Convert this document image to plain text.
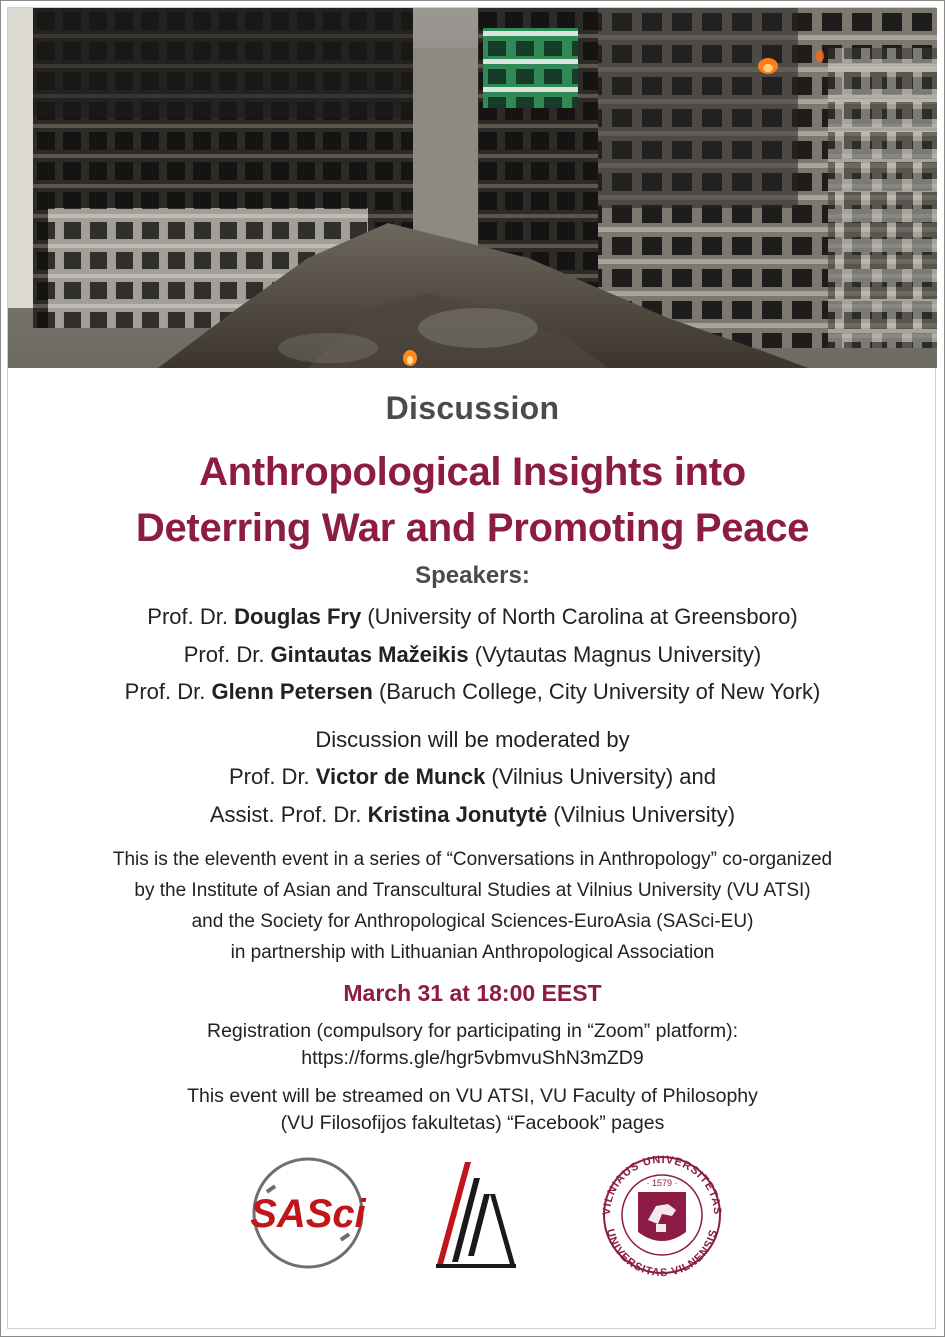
Discussion
Anthropological Insights into
Deterring War and Promoting Peace
Speakers:
Prof. Dr. Douglas Fry (University of North Carolina at Greensboro)
Prof. Dr. Gintautas Mažeikis (Vytautas Magnus University)
Prof. Dr. Glenn Petersen (Baruch College, City University of New York)
Discussion will be moderated by
Prof. Dr. Victor de Munck (Vilnius University) and
Assist. Prof. Dr. Kristina Jonutytė (Vilnius University)
This is the eleventh event in a series of “Conversations in Anthropology” co-organized
by the Institute of Asian and Transcultural Studies at Vilnius University (VU ATSI)
and the Society for Anthropological Sciences-EuroAsia (SASci-EU)
in partnership with Lithuanian Anthropological Association
March 31 at 18:00 EEST
Registration (compulsory for participating in “Zoom” platform):
https://forms.gle/hgr5vbmvuShN3mZD9
This event will be streamed on VU ATSI, VU Faculty of Philosophy
(VU Filosofijos fakultetas) “Facebook” pages
SASci	VILNIAUS UNIVERSITETAS
UNIVERSITAS VILNENSIS
· 1579 ·
